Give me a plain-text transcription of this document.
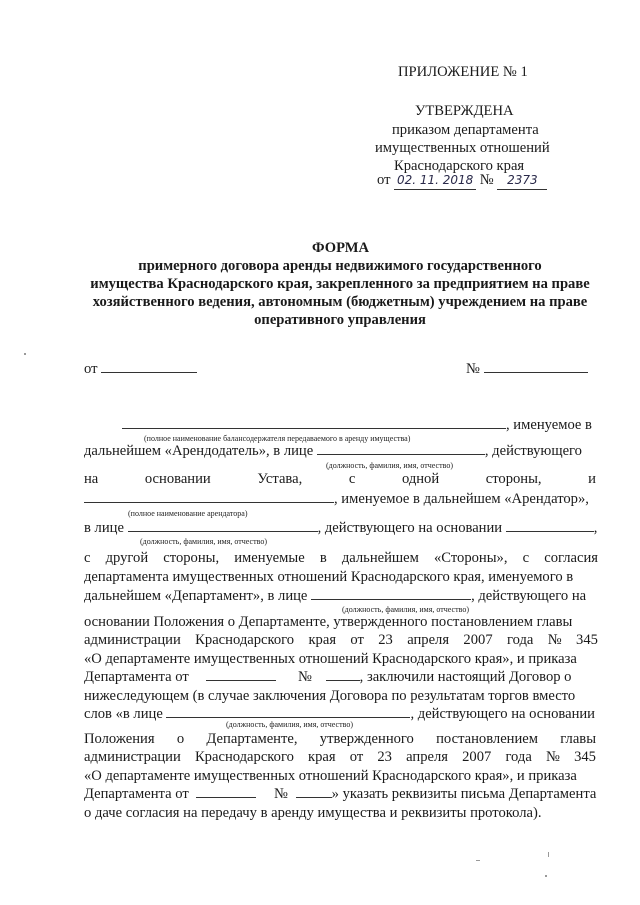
ПРИЛОЖЕНИЕ № 1
УТВЕРЖДЕНА
приказом департамента
имущественных отношений
Краснодарского края
от 02. 11. 2018 № 2373
ФОРМА
примерного договора аренды недвижимого государственного
имущества Краснодарского края, закрепленного за предприятием на праве
хозяйственного ведения, автономным (бюджетным) учреждением на праве
оперативного управления
от	№
, именуемое в
(полное наименование балансодержателя передаваемого в аренду имущества)
дальнейшем «Арендодатель», в лице	, действующего
(должность, фамилия, имя, отчество)
на	основании	Устава,	с	одной	стороны,	и
, именуемое в дальнейшем «Арендатор»,
(полное наименование арендатора)
в лице	, действующего на основании	,
(должность, фамилия, имя, отчество)
с другой стороны, именуемые в дальнейшем «Стороны», с согласия
департамента имущественных отношений Краснодарского края, именуемого в
дальнейшем «Департамент», в лице	, действующего на
(должность, фамилия, имя, отчество)
основании Положения о Департаменте, утвержденного постановлением главы
администрации Краснодарского края от 23 апреля 2007 года № 345
«О департаменте имущественных отношений Краснодарского края», и приказа
Департамента от	№	, заключили настоящий Договор о
нижеследующем (в случае заключения Договора по результатам торгов вместо
слов «в лице	, действующего на основании
(должность, фамилия, имя, отчество)
Положения о Департаменте, утвержденного постановлением главы
администрации Краснодарского края от 23 апреля 2007 года № 345
«О департаменте имущественных отношений Краснодарского края», и приказа
Департамента от	№	» указать реквизиты письма Департамента
о даче согласия на передачу в аренду имущества и реквизиты протокола).
